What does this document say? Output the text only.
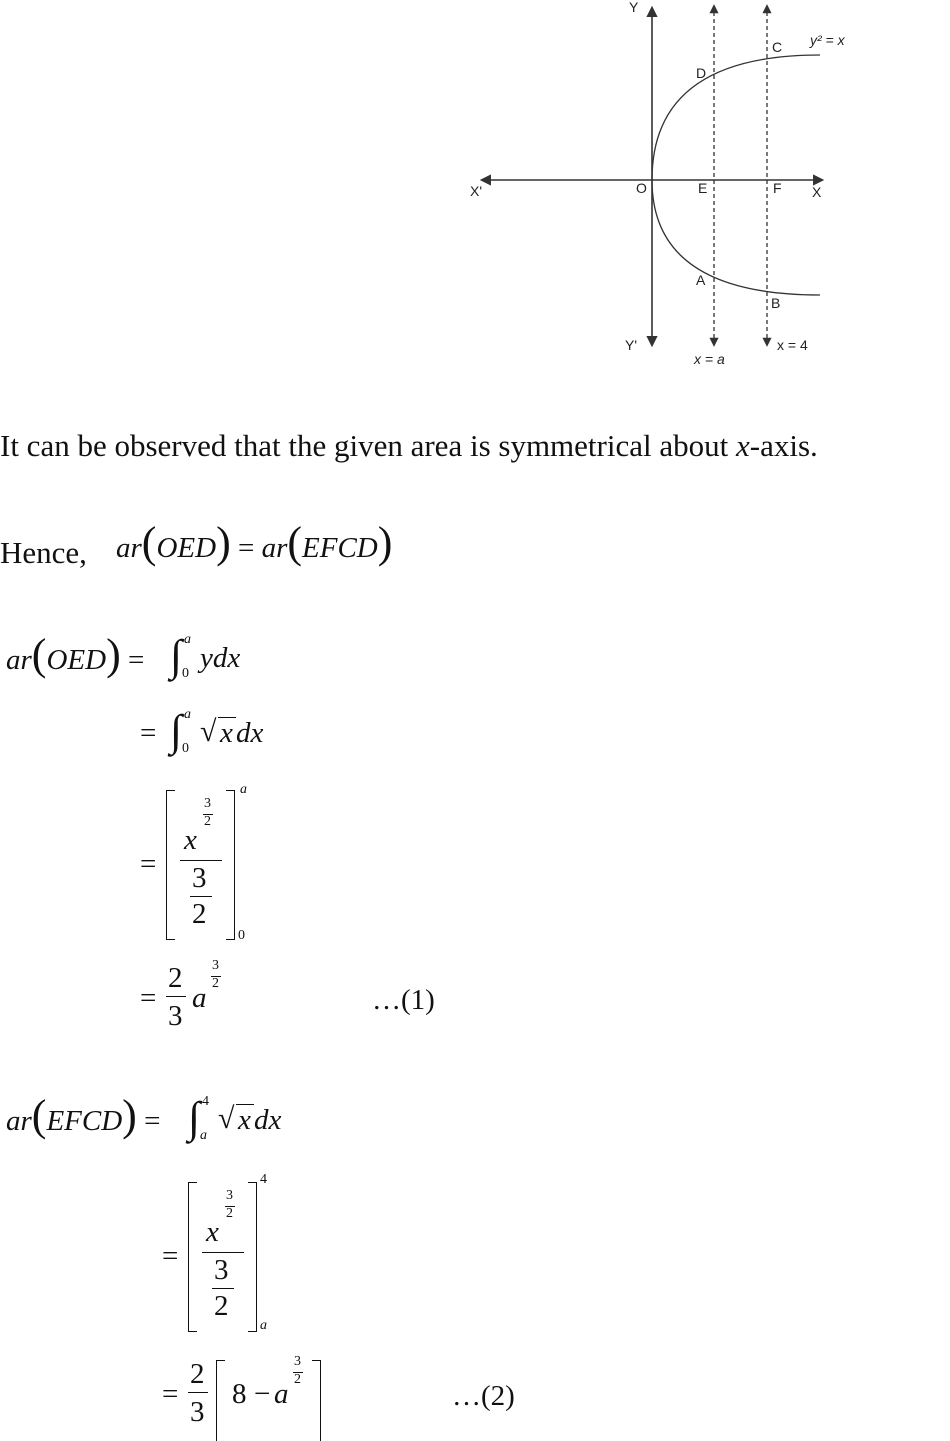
Y
Y'
X'	X
O	E	F
D
C
A
B
y² = x
x = a
x = 4
It can be observed that the given area is symmetrical about x-axis.
Hence, ar(OED) = ar(EFCD)
ar(OED) = ∫ a
0 ydx
= ∫ a
0
√ x dx
=
a
0
x
3
2
3
2
=
2
3
a
3
2
…(1)
ar(EFCD) = ∫ 4
a
√ x dx
=
4
a
x
3
2
3
2
=
2
3
8 − a
3
2
…(2)
